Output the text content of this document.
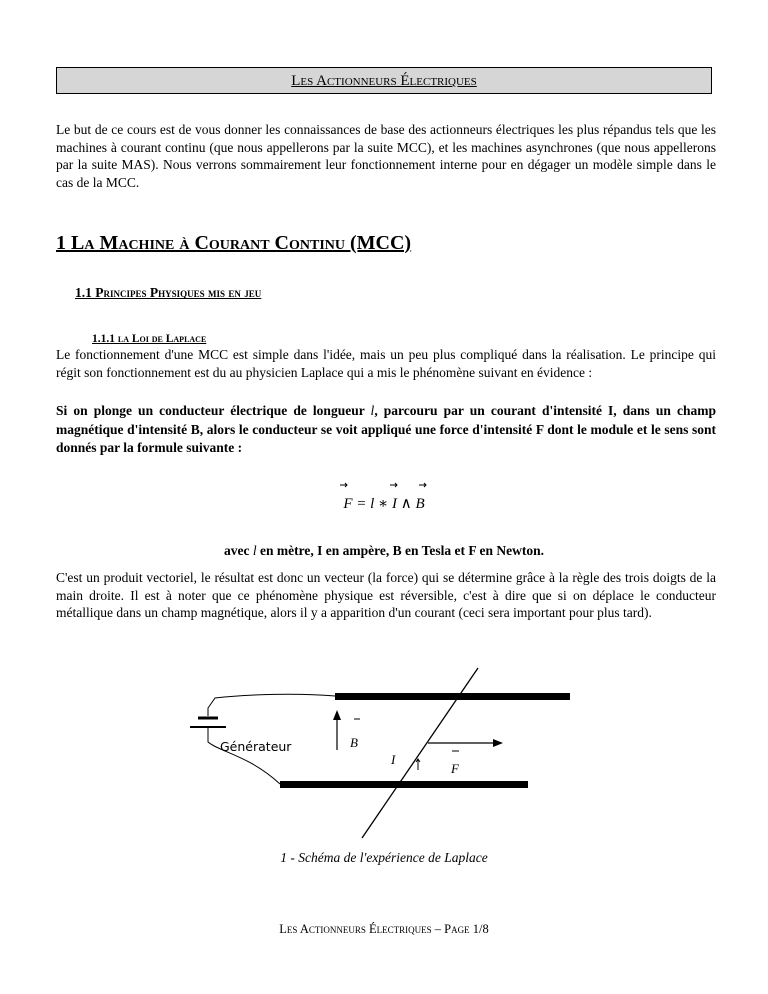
Les Actionneurs Électriques
Le but de ce cours est de vous donner les connaissances de base des actionneurs électriques les plus répandus tels que les machines à courant continu (que nous appellerons par la suite MCC), et les machines asynchrones (que nous appellerons par la suite MAS). Nous verrons sommairement leur fonctionnement interne pour en dégager un modèle simple dans le cas de la MCC.
1 La Machine à Courant Continu (MCC)
1.1 Principes Physiques mis en jeu
1.1.1 la Loi de Laplace
Le fonctionnement d'une MCC est simple dans l'idée, mais un peu plus compliqué dans la réalisation. Le principe qui régit son fonctionnement est du au physicien Laplace qui a mis le phénomène suivant en évidence :
Si on plonge un conducteur électrique de longueur l, parcouru par un courant d'intensité I, dans un champ magnétique d'intensité B, alors le conducteur se voit appliqué une force d'intensité F dont le module et le sens sont donnés par la formule suivante :
F = l ∗ I ∧ B
avec l en mètre, I en ampère, B en Tesla et F en Newton.
C'est un produit vectoriel, le résultat est donc un vecteur (la force) qui se détermine grâce à la règle des trois doigts de la main droite. Il est à noter que ce phénomène physique est réversible, c'est à dire que si on déplace le conducteur métallique dans un champ magnétique, alors il y a apparition d'un courant (ceci sera important pour plus tard).
Générateur	B
I
F
1 - Schéma de l'expérience de Laplace
Les Actionneurs Électriques – Page 1/8
